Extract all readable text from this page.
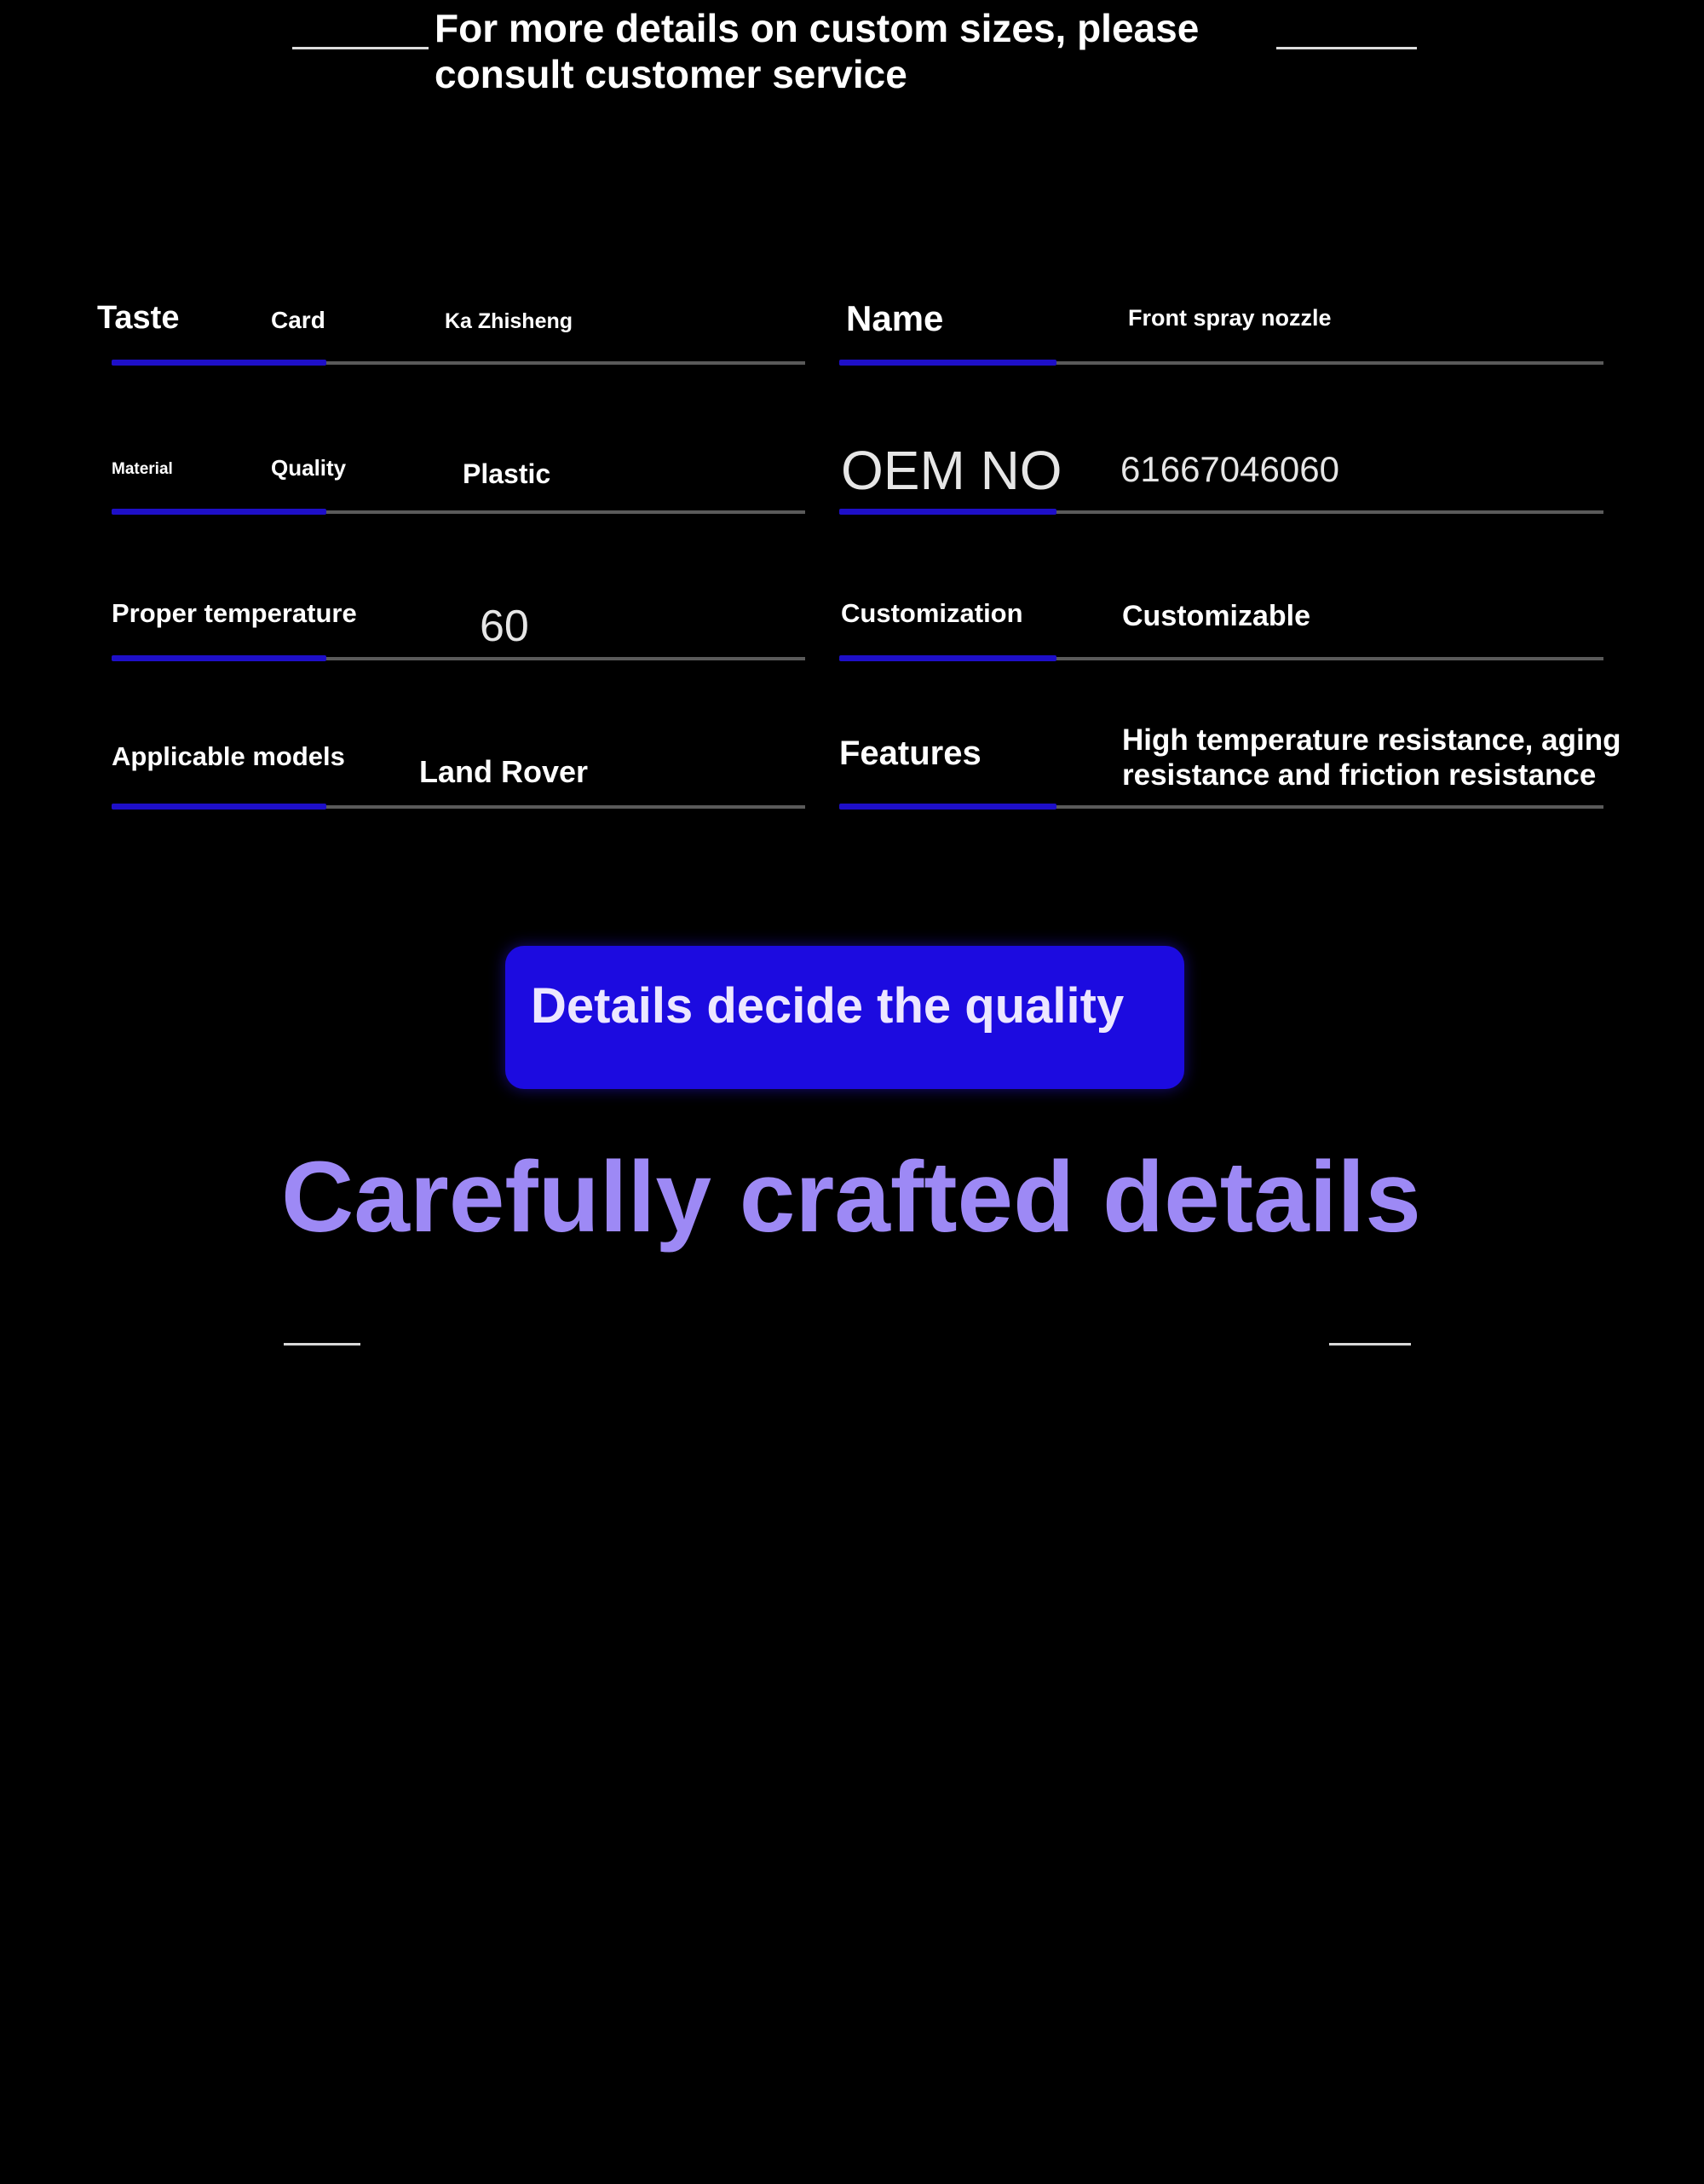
For more details on custom sizes, please consult customer service
Taste	Card	Ka Zhisheng	Name	Front spray nozzle
Material	Quality	Plastic	OEM NO 61667046060
Proper temperature	60	Customization	Customizable
Applicable models Land Rover	Features	High temperature resistance, aging resistance and friction resistance
Details decide the quality
Carefully crafted details
